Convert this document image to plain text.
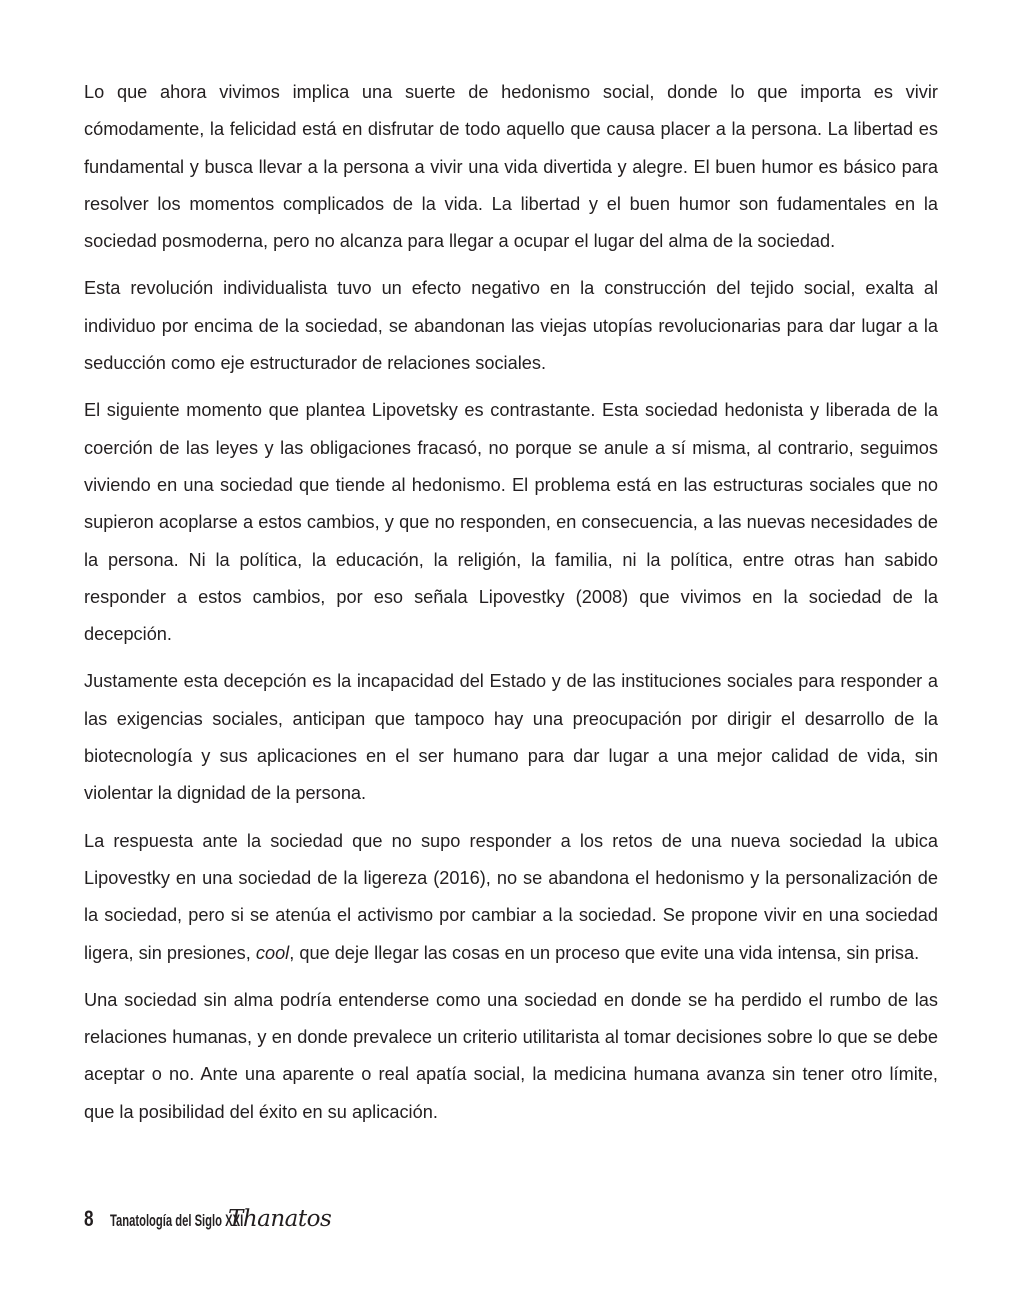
Lo que ahora vivimos implica una suerte de hedonismo social, donde lo que importa es vivir cómodamente, la felicidad está en disfrutar de todo aquello que causa placer a la persona. La libertad es fundamental y busca llevar a la persona a vivir una vida divertida y alegre. El buen humor es básico para resolver los momentos complicados de la vida. La libertad y el buen humor son fudamentales en la sociedad posmoderna, pero no alcanza para llegar a ocupar el lugar del alma de la sociedad.

Esta revolución individualista tuvo un efecto negativo en la construcción del tejido social, exalta al individuo por encima de la sociedad, se abandonan las viejas utopías revolucionarias para dar lugar a la seducción como eje estructurador de relaciones sociales.

El siguiente momento que plantea Lipovetsky es contrastante. Esta sociedad hedonista y liberada de la coerción de las leyes y las obligaciones fracasó, no porque se anule a sí misma, al contrario, seguimos viviendo en una sociedad que tiende al hedonismo. El problema está en las estructuras sociales que no supieron acoplarse a estos cambios, y que no responden, en consecuencia, a las nuevas necesidades de la persona. Ni la política, la educación, la religión, la familia, ni la política, entre otras han sabido responder a estos cambios, por eso señala Lipovestky (2008) que vivimos en la sociedad de la decepción.

Justamente esta decepción es la incapacidad del Estado y de las instituciones sociales para responder a las exigencias sociales, anticipan que tampoco hay una preocupación por dirigir el desarrollo de la biotecnología y sus aplicaciones en el ser humano para dar lugar a una mejor calidad de vida, sin violentar la dignidad de la persona.

La respuesta ante la sociedad que no supo responder a los retos de una nueva sociedad la ubica Lipovestky en una sociedad de la ligereza (2016), no se abandona el hedonismo y la personalización de la sociedad, pero si se atenúa el activismo por cambiar a la sociedad. Se propone vivir en una sociedad ligera, sin presiones, cool, que deje llegar las cosas en un proceso que evite una vida intensa, sin prisa.

Una sociedad sin alma podría entenderse como una sociedad en donde se ha perdido el rumbo de las relaciones humanas, y en donde prevalece un criterio utilitarista al tomar decisiones sobre lo que se debe aceptar o no. Ante una aparente o real apatía social, la medicina humana avanza sin tener otro límite, que la posibilidad del éxito en su aplicación.

8 Tanatología del Siglo XXI
Thanatos
